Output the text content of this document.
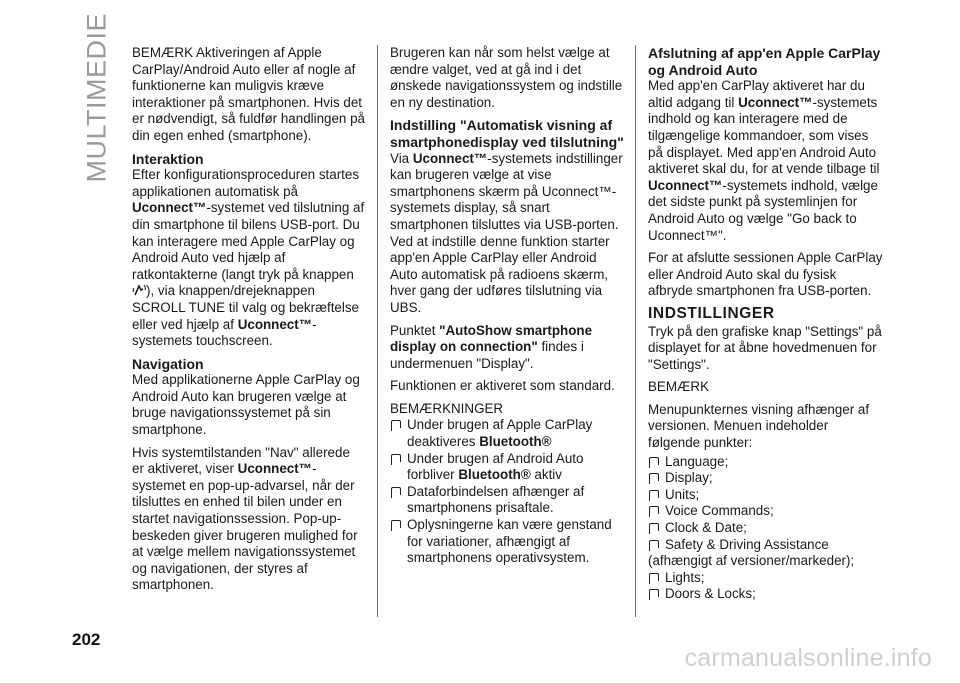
MULTIMEDIE BEMÆRK Aktiveringen af Apple CarPlay/Android Auto eller af nogle af funktionerne kan muligvis kræve interaktioner på smartphonen. Hvis det er nødvendigt, så fuldfør handlingen på din egen enhed (smartphone).

Interaktion

Efter konfigurationsproceduren startes applikationen automatisk på Uconnect™-systemet ved tilslutning af din smartphone til bilens USB-port. Du kan interagere med Apple CarPlay og Android Auto ved hjælp af ratkontakterne (langt tryk på knappen ), via knappen/drejeknappen SCROLL TUNE til valg og bekræftelse eller ved hjælp af Uconnect™-systemets touchscreen.

Navigation

Med applikationerne Apple CarPlay og Android Auto kan brugeren vælge at bruge navigationssystemet på sin smartphone.

Hvis systemtilstanden "Nav" allerede er aktiveret, viser Uconnect™-systemet en pop-up-advarsel, når der tilsluttes en enhed til bilen under en startet navigationssession. Pop-up-beskeden giver brugeren mulighed for at vælge mellem navigationssystemet og navigationen, der styres af smartphonen.

Brugeren kan når som helst vælge at ændre valget, ved at gå ind i det ønskede navigationssystem og indstille en ny destination.

Indstilling "Automatisk visning af smartphonedisplay ved tilslutning"

Via Uconnect™-systemets indstillinger kan brugeren vælge at vise smartphonens skærm på Uconnect™-systemets display, så snart smartphonen tilsluttes via USB-porten. Ved at indstille denne funktion starter app'en Apple CarPlay eller Android Auto automatisk på radioens skærm, hver gang der udføres tilslutning via UBS.

Punktet "AutoShow smartphone display on connection" findes i undermenuen "Display".

Funktionen er aktiveret som standard.

BEMÆRKNINGER
Under brugen af Apple CarPlay deaktiveres Bluetooth®
Under brugen af Android Auto forbliver Bluetooth® aktiv
Dataforbindelsen afhænger af smartphonens prisaftale.
Oplysningerne kan være genstand for variationer, afhængigt af smartphonens operativsystem.
Afslutning af app'en Apple CarPlay og Android Auto

Med app'en CarPlay aktiveret har du altid adgang til Uconnect™-systemets indhold og kan interagere med de tilgængelige kommandoer, som vises på displayet. Med app'en Android Auto aktiveret skal du, for at vende tilbage til Uconnect™-systemets indhold, vælge det sidste punkt på systemlinjen for Android Auto og vælge "Go back to Uconnect™".

For at afslutte sessionen Apple CarPlay eller Android Auto skal du fysisk afbryde smartphonen fra USB-porten.

INDSTILLINGER

Tryk på den grafiske knap "Settings" på displayet for at åbne hovedmenuen for "Settings".

BEMÆRK

Menupunkternes visning afhænger af versionen. Menuen indeholder følgende punkter:

Language;
Display;
Units;
Voice Commands;
Clock & Date;
Safety & Driving Assistance
(afhængigt af versioner/markeder);
Lights;
Doors & Locks;
202
carmanualsonline.info
